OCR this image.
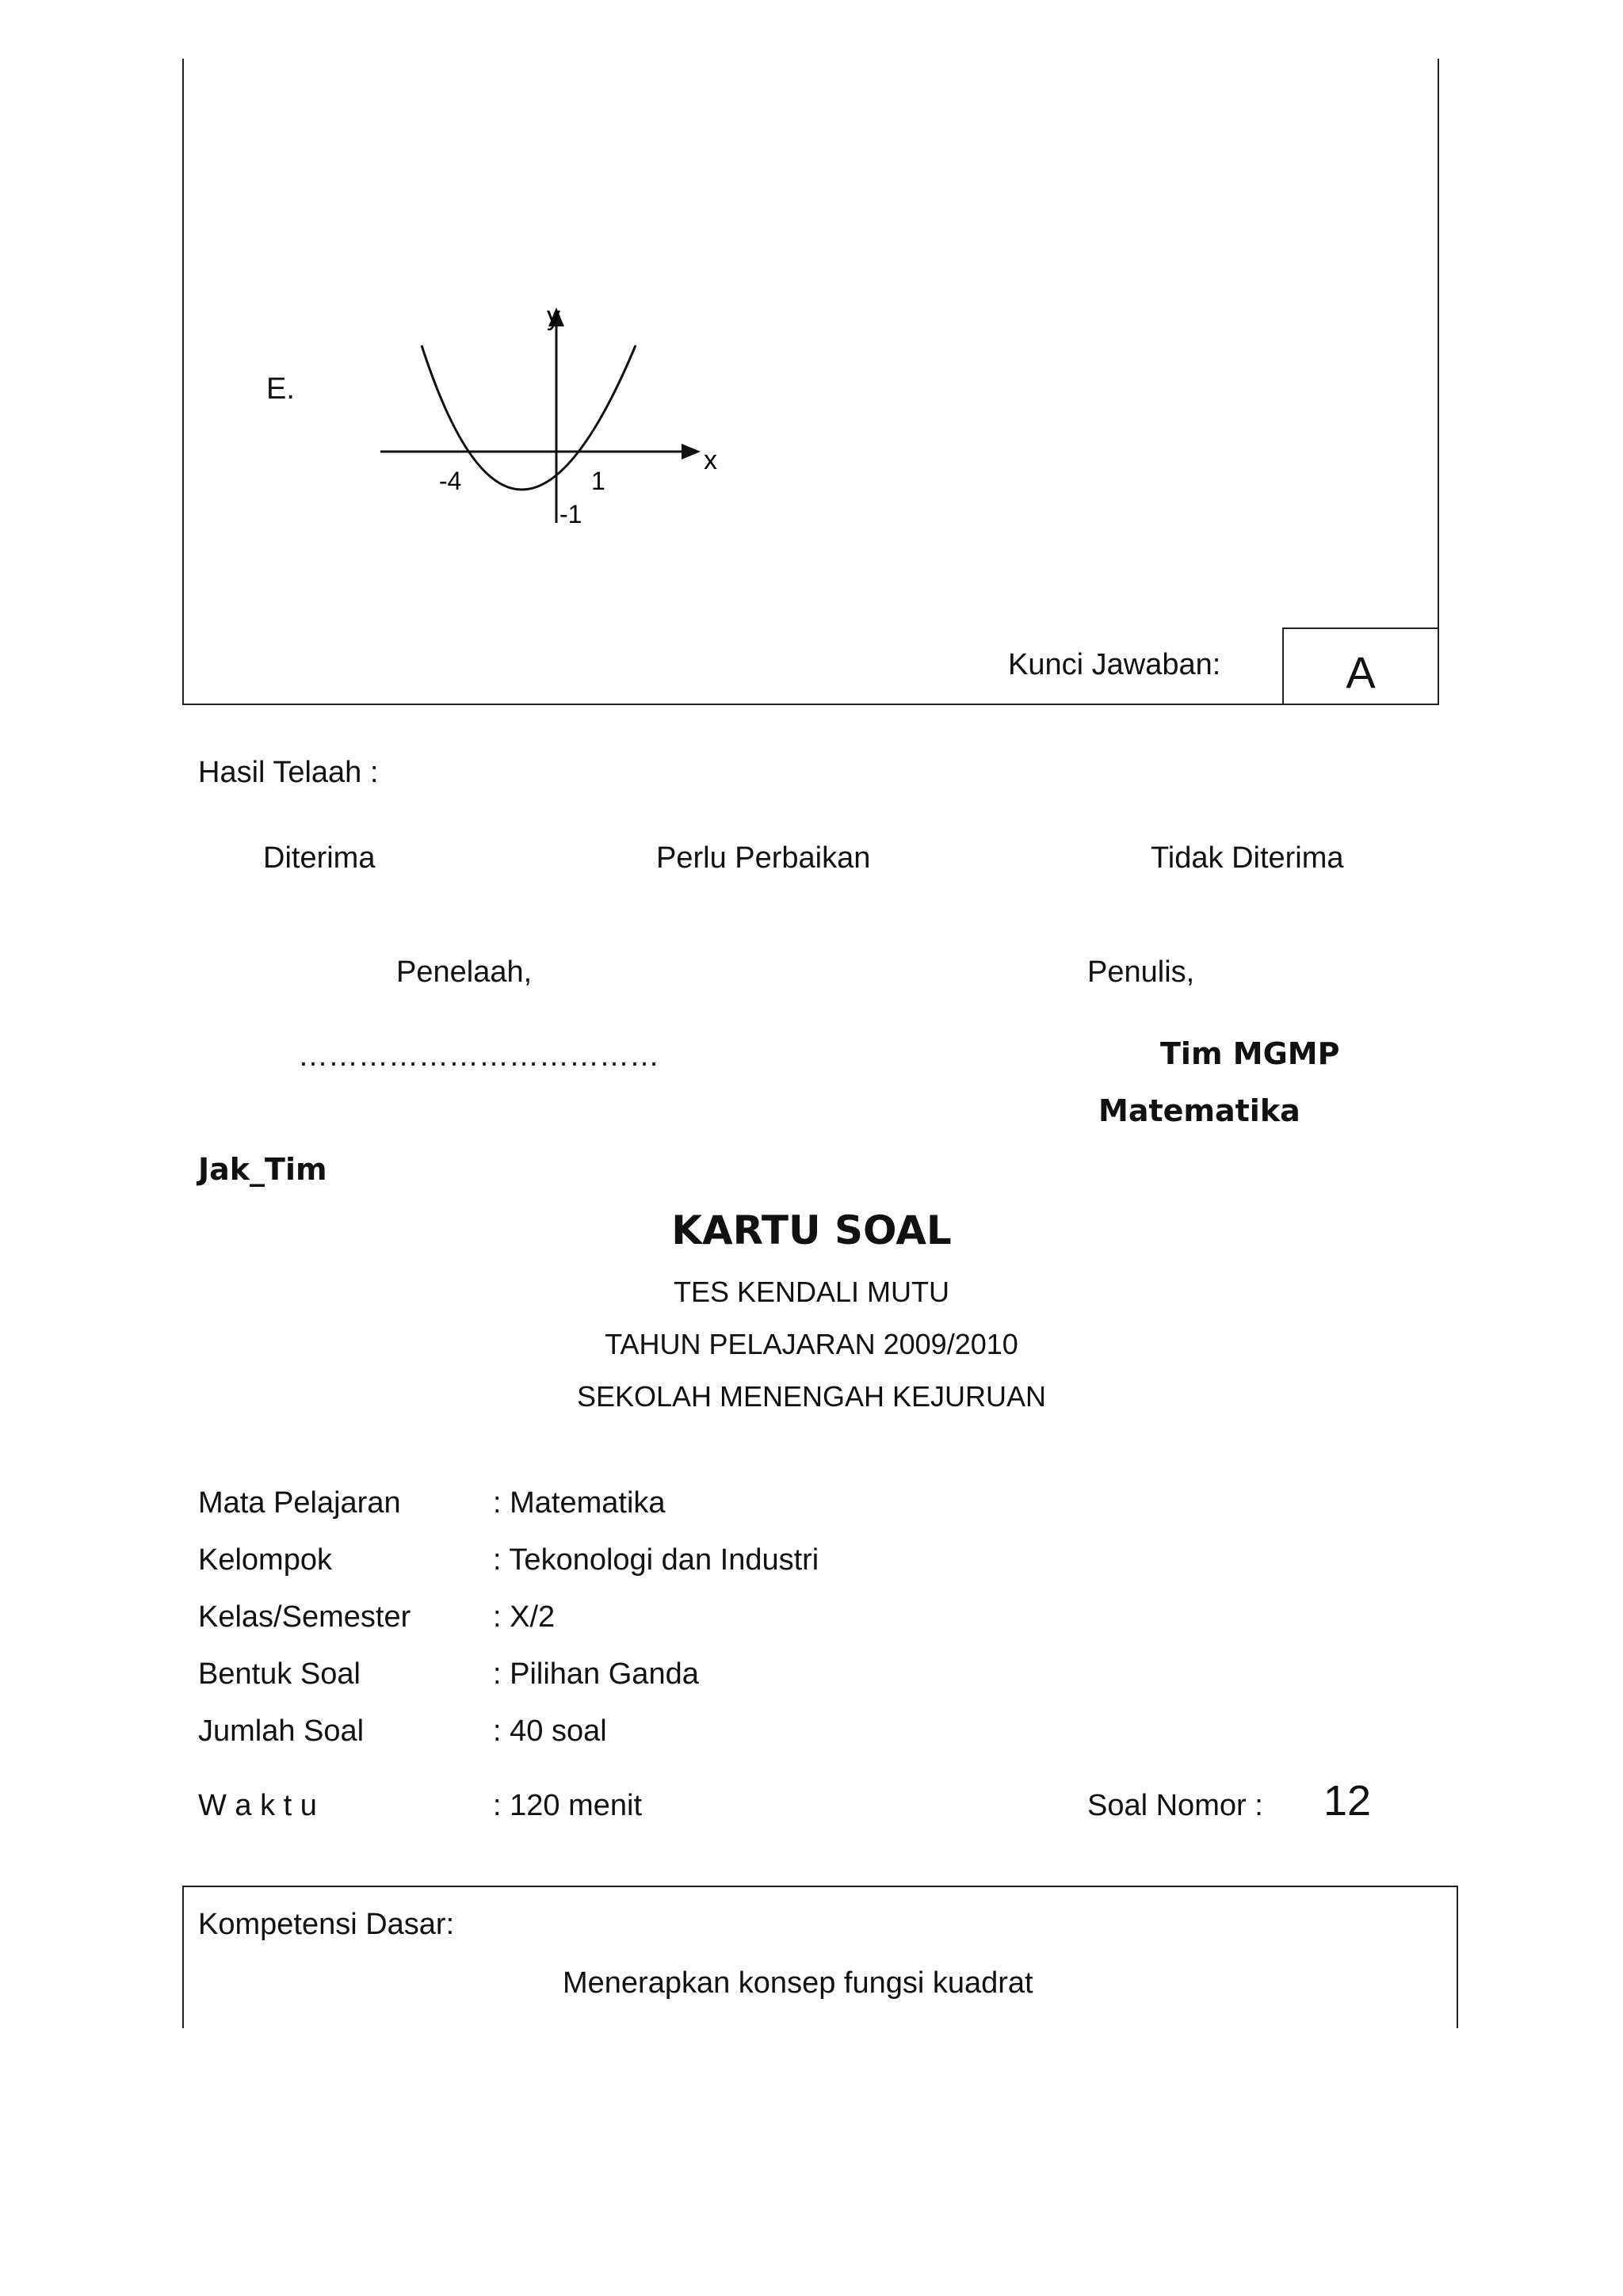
E.
y
x
-4	1
-1
Kunci Jawaban:	A
Hasil Telaah :
Diterima	Perlu Perbaikan	Tidak Diterima
Penelaah,	Penulis,
………………………………	Tim MGMP
Matematika
Jak_Tim
KARTU SOAL
TES KENDALI MUTU
TAHUN PELAJARAN 2009/2010
SEKOLAH MENENGAH KEJURUAN
Mata Pelajaran	: Matematika
Kelompok	: Tekonologi dan Industri
Kelas/Semester	: X/2
Bentuk Soal	: Pilihan Ganda
Jumlah Soal	: 40 soal
W a k t u	: 120 menit	Soal Nomor : 12
Kompetensi Dasar:
Menerapkan konsep fungsi kuadrat
